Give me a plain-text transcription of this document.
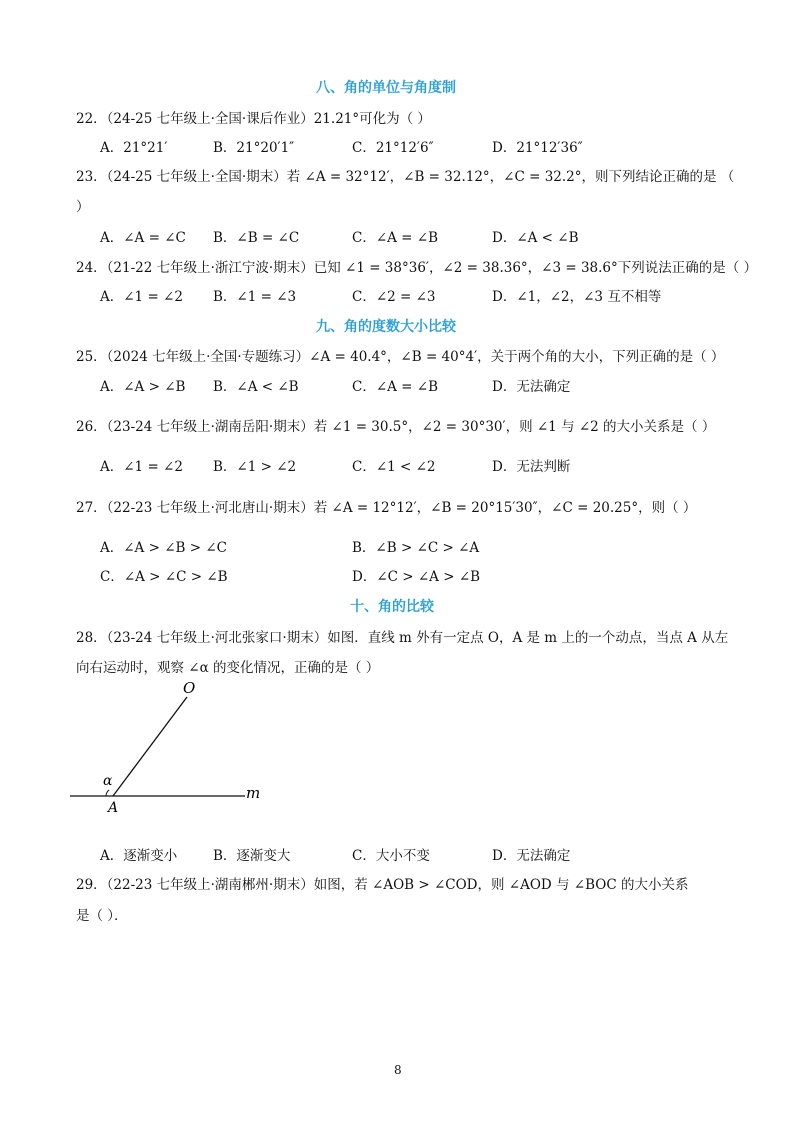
八、角的单位与角度制
22．（24-25 七年级上·全国·课后作业）21.21°可化为（ ）
A．21°21′	B．21°20′1″	C．21°12′6″	D．21°12′36″
23．（24-25 七年级上·全国·期末）若 ∠A = 32°12′，∠B = 32.12°，∠C = 32.2°，则下列结论正确的是 （
）
A．∠A = ∠C B．∠B = ∠C	C．∠A = ∠B	D．∠A < ∠B
24．（21-22 七年级上·浙江宁波·期末）已知 ∠1 = 38°36′，∠2 = 38.36°，∠3 = 38.6°下列说法正确的是（ ）
A．∠1 = ∠2 B．∠1 = ∠3	C．∠2 = ∠3	D．∠1，∠2，∠3 互不相等
九、角的度数大小比较
25．（2024 七年级上·全国·专题练习）∠A = 40.4°，∠B = 40°4′，关于两个角的大小，下列正确的是（ ）
A．∠A > ∠B B．∠A < ∠B	C．∠A = ∠B	D．无法确定
26．（23-24 七年级上·湖南岳阳·期末）若 ∠1 = 30.5°，∠2 = 30°30′，则 ∠1 与 ∠2 的大小关系是（ ）
A．∠1 = ∠2 B．∠1 > ∠2	C．∠1 < ∠2	D．无法判断
27．（22-23 七年级上·河北唐山·期末）若 ∠A = 12°12′，∠B = 20°15′30″，∠C = 20.25°，则（ ）
A．∠A > ∠B > ∠C	B．∠B > ∠C > ∠A
C．∠A > ∠C > ∠B	D．∠C > ∠A > ∠B
十、角的比较
28．（23-24 七年级上·河北张家口·期末）如图．直线 m 外有一定点 O，A 是 m 上的一个动点，当点 A 从左
向右运动时，观察 ∠α 的变化情况，正确的是（ ）
O
A
m
α
A．逐渐变小	B．逐渐变大	C．大小不变	D．无法确定
29．（22-23 七年级上·湖南郴州·期末）如图，若 ∠AOB > ∠COD，则 ∠AOD 与 ∠BOC 的大小关系
是（ ）．
8
